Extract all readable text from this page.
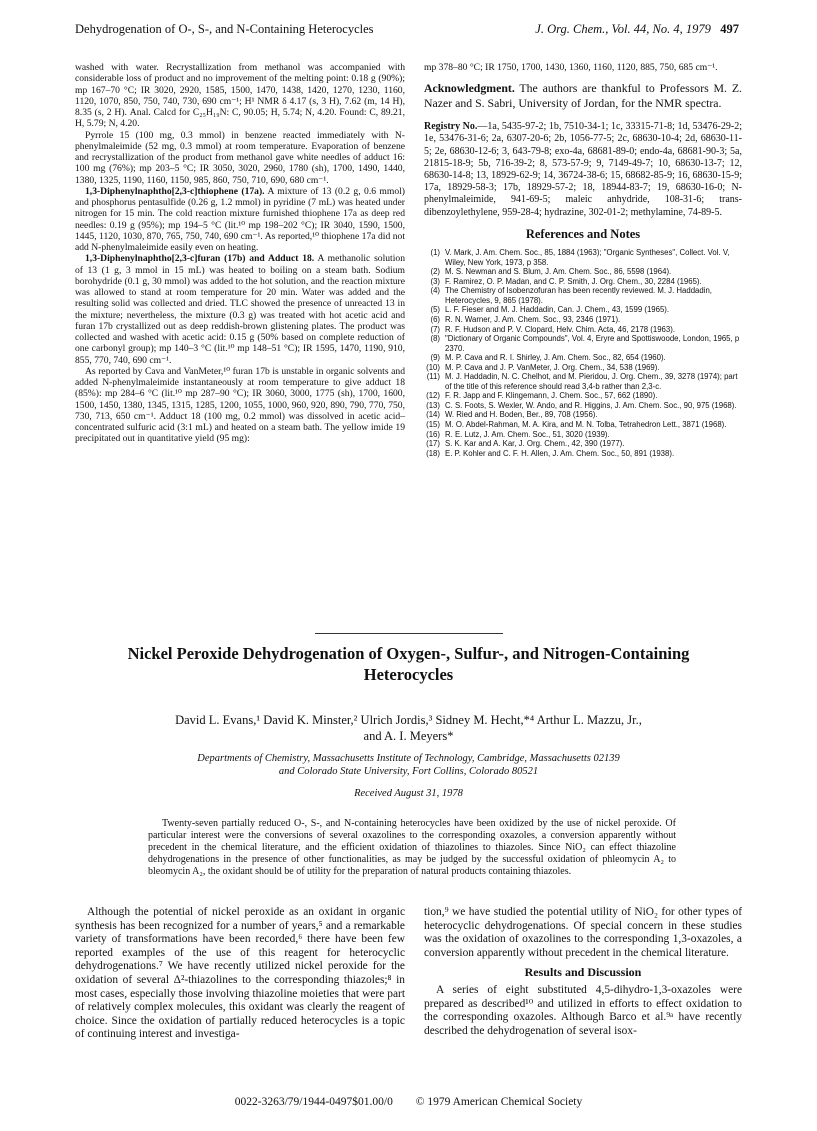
Dehydrogenation of O-, S-, and N-Containing Heterocycles	J. Org. Chem., Vol. 44, No. 4, 1979 497

washed with water. Recrystallization from methanol was accompanied with considerable loss of product and no improvement of the melting point: 0.18 g (90%); mp 167–70 °C; IR 3020, 2920, 1585, 1500, 1470, 1438, 1420, 1270, 1230, 1160, 1120, 1070, 850, 750, 740, 730, 690 cm⁻¹; H¹ NMR δ 4.17 (s, 3 H), 7.62 (m, 14 H), 8.35 (s, 2 H). Anal. Calcd for C₂₅H₁₉N: C, 90.05; H, 5.74; N, 4.20. Found: C, 89.21, H, 5.79; N, 4.20.

Pyrrole 15 (100 mg, 0.3 mmol) in benzene reacted immediately with N-phenylmaleimide (52 mg, 0.3 mmol) at room temperature. Evaporation of benzene and recrystallization of the product from methanol gave white needles of adduct 16: 100 mg (76%); mp 203–5 °C; IR 3050, 3020, 2960, 1780 (sh), 1700, 1490, 1440, 1380, 1325, 1190, 1160, 1150, 985, 860, 750, 710, 690, 680 cm⁻¹.

1,3-Diphenylnaphtho[2,3-c]thiophene (17a). A mixture of 13 (0.2 g, 0.6 mmol) and phosphorus pentasulfide (0.26 g, 1.2 mmol) in pyridine (7 mL) was heated under nitrogen for 15 min. The cold reaction mixture furnished thiophene 17a as deep red needles: 0.19 g (95%); mp 194–5 °C (lit.¹⁰ mp 198–202 °C); IR 3040, 1590, 1500, 1445, 1120, 1030, 870, 765, 750, 740, 690 cm⁻¹. As reported,¹⁰ thiophene 17a did not add N-phenylmaleimide easily even on heating.

1,3-Diphenylnaphtho[2,3-c]furan (17b) and Adduct 18. A methanolic solution of 13 (1 g, 3 mmol in 15 mL) was heated to boiling on a steam bath. Sodium borohydride (0.1 g, 30 mmol) was added to the hot solution, and the reaction mixture was allowed to stand at room temperature for 20 min. Water was added and the resulting solid was collected and dried. TLC showed the presence of unreacted 13 in the mixture; nevertheless, the mixture (0.3 g) was treated with hot acetic acid and furan 17b crystallized out as deep reddish-brown glistening plates. The product was collected and washed with acetic acid: 0.15 g (50% based on complete reduction of one carbonyl group); mp 140–3 °C (lit.¹⁰ mp 148–51 °C); IR 1595, 1470, 1190, 910, 855, 770, 740, 690 cm⁻¹.

As reported by Cava and VanMeter,¹⁰ furan 17b is unstable in organic solvents and added N-phenylmaleimide instantaneously at room temperature to give adduct 18 (85%): mp 284–6 °C (lit.¹⁰ mp 287–90 °C); IR 3060, 3000, 1775 (sh), 1700, 1600, 1500, 1450, 1380, 1345, 1315, 1285, 1200, 1055, 1000, 960, 920, 890, 790, 770, 750, 730, 713, 650 cm⁻¹. Adduct 18 (100 mg, 0.2 mmol) was dissolved in acetic acid–concentrated sulfuric acid (3:1 mL) and heated on a steam bath. The yellow imide 19 precipitated out in quantitative yield (95 mg):

mp 378–80 °C; IR 1750, 1700, 1430, 1360, 1160, 1120, 885, 750, 685 cm⁻¹.

Acknowledgment. The authors are thankful to Professors M. Z. Nazer and S. Sabri, University of Jordan, for the NMR spectra.

Registry No.—1a, 5435-97-2; 1b, 7510-34-1; 1c, 33315-71-8; 1d, 53476-29-2; 1e, 53476-31-6; 2a, 6307-20-6; 2b, 1056-77-5; 2c, 68630-10-4; 2d, 68630-11-5; 2e, 68630-12-6; 3, 643-79-8; exo-4a, 68681-89-0; endo-4a, 68681-90-3; 5a, 21815-18-9; 5b, 716-39-2; 8, 573-57-9; 9, 7149-49-7; 10, 68630-13-7; 12, 68630-14-8; 13, 18929-62-9; 14, 36724-38-6; 15, 68682-85-9; 16, 68630-15-9; 17a, 18929-58-3; 17b, 18929-57-2; 18, 18944-83-7; 19, 68630-16-0; N-phenylmaleimide, 941-69-5; maleic anhydride, 108-31-6; trans-dibenzoylethylene, 959-28-4; hydrazine, 302-01-2; methylamine, 74-89-5.

References and Notes
(1) V. Mark, J. Am. Chem. Soc., 85, 1884 (1963); "Organic Syntheses", Collect. Vol. V, Wiley, New York, 1973, p 358.
(2) M. S. Newman and S. Blum, J. Am. Chem. Soc., 86, 5598 (1964).
(3) F. Ramirez, O. P. Madan, and C. P. Smith, J. Org. Chem., 30, 2284 (1965).
(4) The Chemistry of Isobenzofuran has been recently reviewed. M. J. Haddadin, Heterocycles, 9, 865 (1978).
(5) L. F. Fieser and M. J. Haddadin, Can. J. Chem., 43, 1599 (1965).
(6) R. N. Warner, J. Am. Chem. Soc., 93, 2346 (1971).
(7) R. F. Hudson and P. V. Clopard, Helv. Chim. Acta, 46, 2178 (1963).
(8) "Dictionary of Organic Compounds", Vol. 4, Eryre and Spottiswoode, London, 1965, p 2370.
(9) M. P. Cava and R. I. Shirley, J. Am. Chem. Soc., 82, 654 (1960).
(10) M. P. Cava and J. P. VanMeter, J. Org. Chem., 34, 538 (1969).
(11) M. J. Haddadin, N. C. Chelhot, and M. Pieridou, J. Org. Chem., 39, 3278 (1974); part of the title of this reference should read 3,4-b rather than 2,3-c.
(12) F. R. Japp and F. Klingemann, J. Chem. Soc., 57, 662 (1890).
(13) C. S. Foots, S. Wexler, W. Ando, and R. Higgins, J. Am. Chem. Soc., 90, 975 (1968).
(14) W. Ried and H. Boden, Ber., 89, 708 (1956).
(15) M. O. Abdel-Rahman, M. A. Kira, and M. N. Tolba, Tetrahedron Lett., 3871 (1968).
(16) R. E. Lutz, J. Am. Chem. Soc., 51, 3020 (1939).
(17) S. K. Kar and A. Kar, J. Org. Chem., 42, 390 (1977).
(18) E. P. Kohler and C. F. H. Allen, J. Am. Chem. Soc., 50, 891 (1938).
Nickel Peroxide Dehydrogenation of Oxygen-, Sulfur-, and Nitrogen-Containing Heterocycles
David L. Evans,¹ David K. Minster,² Ulrich Jordis,³ Sidney M. Hecht,*⁴ Arthur L. Mazzu, Jr.,
and A. I. Meyers*
Departments of Chemistry, Massachusetts Institute of Technology, Cambridge, Massachusetts 02139
and Colorado State University, Fort Collins, Colorado 80521
Received August 31, 1978
Twenty-seven partially reduced O-, S-, and N-containing heterocycles have been oxidized by the use of nickel peroxide. Of particular interest were the conversions of several oxazolines to the corresponding oxazoles, a conversion apparently without precedent in the chemical literature, and the efficient oxidation of thiazolines to thiazoles. Since NiO₂ can effect thiazoline dehydrogenations in the presence of other functionalities, as may be judged by the successful oxidation of phleomycin A₂ to bleomycin A₂, the oxidant should be of utility for the preparation of natural products containing thiazoles.

Although the potential of nickel peroxide as an oxidant in organic synthesis has been recognized for a number of years,⁵ and a remarkable variety of transformations have been recorded,⁶ there have been few reported examples of the use of this reagent for heterocyclic dehydrogenations.⁷ We have recently utilized nickel peroxide for the oxidation of several Δ²-thiazolines to the corresponding thiazoles;⁸ in most cases, especially those involving thiazoline moieties that were part of relatively complex molecules, this oxidant was clearly the reagent of choice. Since the oxidation of partially reduced heterocycles is a topic of continuing interest and investiga-

tion,⁹ we have studied the potential utility of NiO₂ for other types of heterocyclic dehydrogenations. Of special concern in these studies was the oxidation of oxazolines to the corresponding 1,3-oxazoles, a conversion apparently without precedent in the chemical literature.

Results and Discussion

A series of eight substituted 4,5-dihydro-1,3-oxazoles were prepared as described¹⁰ and utilized in efforts to effect oxidation to the corresponding oxazoles. Although Barco et al.⁹ᵃ have recently described the dehydrogenation of several isox-

0022-3263/79/1944-0497$01.00/0 © 1979 American Chemical Society
